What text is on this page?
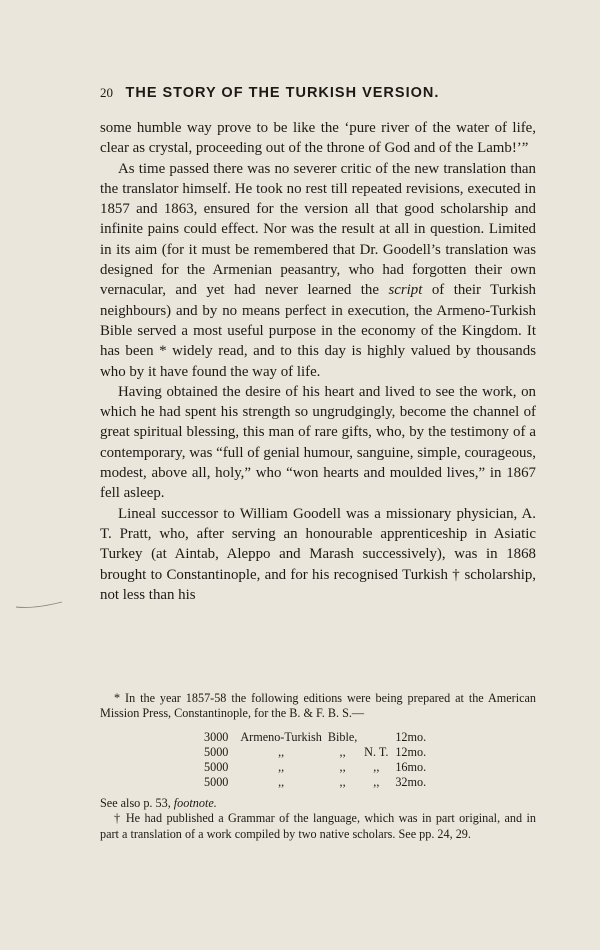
20 THE STORY OF THE TURKISH VERSION.

some humble way prove to be like the ‘pure river of the water of life, clear as crystal, proceeding out of the throne of God and of the Lamb!’”

As time passed there was no severer critic of the new translation than the translator himself. He took no rest till repeated revisions, executed in 1857 and 1863, ensured for the version all that good scholarship and infinite pains could effect. Nor was the result at all in question. Limited in its aim (for it must be remembered that Dr. Goodell’s translation was designed for the Armenian peasantry, who had forgotten their own vernacular, and yet had never learned the script of their Turkish neighbours) and by no means perfect in execution, the Armeno-Turkish Bible served a most useful purpose in the economy of the Kingdom. It has been * widely read, and to this day is highly valued by thousands who by it have found the way of life.

Having obtained the desire of his heart and lived to see the work, on which he had spent his strength so ungrudgingly, become the channel of great spiritual blessing, this man of rare gifts, who, by the testimony of a contemporary, was “full of genial humour, sanguine, simple, courageous, modest, above all, holy,” who “won hearts and moulded lives,” in 1867 fell asleep.

Lineal successor to William Goodell was a missionary physician, A. T. Pratt, who, after serving an honourable apprenticeship in Asiatic Turkey (at Aintab, Aleppo and Marash successively), was in 1868 brought to Constantinople, and for his recognised Turkish † scholarship, not less than his

* In the year 1857-58 the following editions were being prepared at the American Mission Press, Constantinople, for the B. & F. B. S.—

3000	Armeno-Turkish	Bible,		12mo.
5000	,,	,,	N. T.	12mo.
5000	,,	,,	,,	16mo.
5000	,,	,,	,,	32mo.

See also p. 53, footnote.

† He had published a Grammar of the language, which was in part original, and in part a translation of a work compiled by two native scholars. See pp. 24, 29.
